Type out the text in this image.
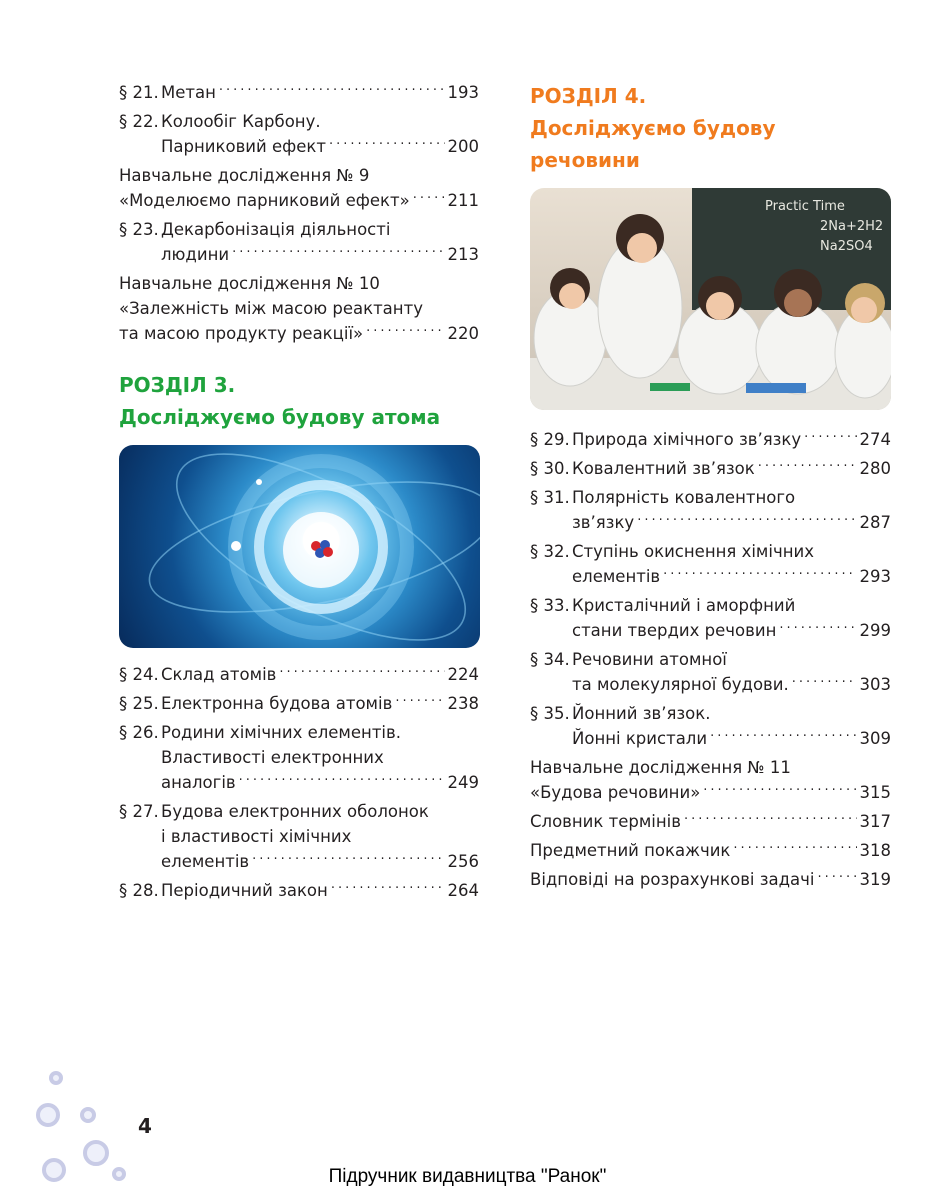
§ 21. Метан .....	193
§ 22. Колообіг Карбону.
Парниковий ефект .....	200
Навчальне дослідження № 9
«Моделюємо парниковий ефект» ..... 211
§ 23. Декарбонізація діяльності
людини .....	213
Навчальне дослідження № 10
«Залежність між масою реактанту
та масою продукту реакції» .....	220
РОЗДІЛ 3.
Досліджуємо будову атома
§ 24. Склад атомів .....	224
§ 25. Електронна будова атомів .....	238
§ 26. Родини хімічних елементів.
Властивості електронних
аналогів .....	249
§ 27. Будова електронних оболонок
і властивості хімічних
елементів .....	256
§ 28. Періодичний закон .....	264
РОЗДІЛ 4.
Досліджуємо будову речовини
Practic Time
2Na+2H2
Na2SO4
§ 29. Природа хімічного зв’язку .....	274
§ 30. Ковалентний зв’язок .....	280
§ 31. Полярність ковалентного
зв’язку .....	287
§ 32. Ступінь окиснення хімічних
елементів .....	293
§ 33. Кристалічний і аморфний
стани твердих речовин .....	299
§ 34. Речовини атомної
та молекулярної будови. .....	303
§ 35. Йонний зв’язок.
Йонні кристали .....	309
Навчальне дослідження № 11
«Будова речовини» .....	315
Словник термінів .....	317
Предметний покажчик .....	318
Відповіді на розрахункові задачі .....	319
4
Підручник видавництва "Ранок"
